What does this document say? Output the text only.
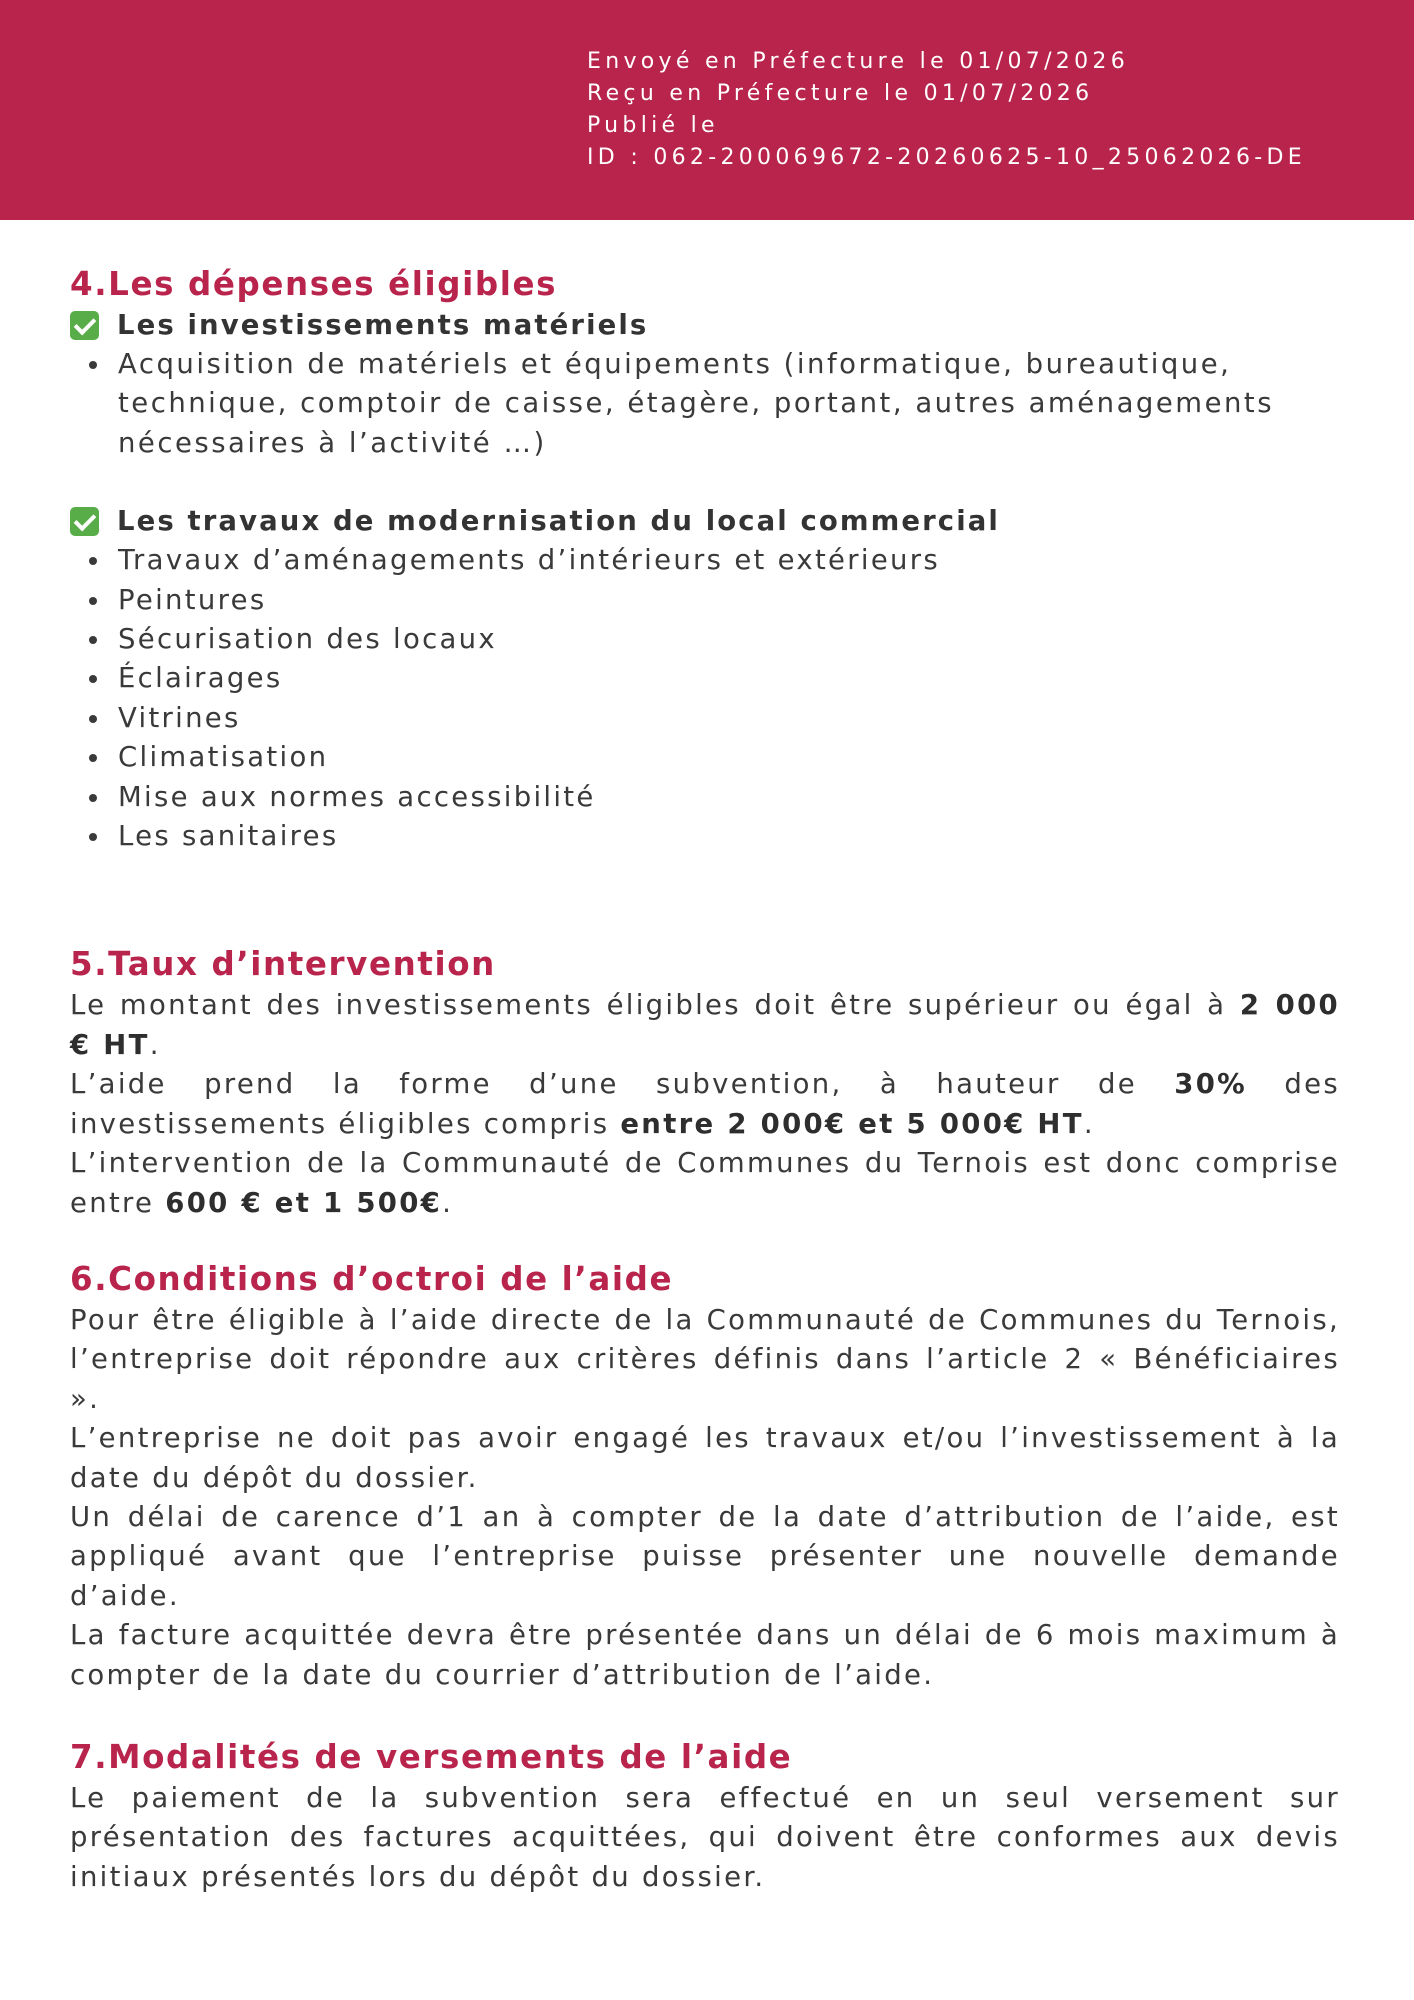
Envoyé en Préfecture le 01/07/2026
Reçu en Préfecture le 01/07/2026
Publié le
ID : 062-200069672-20260625-10_25062026-DE
4.Les dépenses éligibles
Les investissements matériels
Acquisition de matériels et équipements (informatique, bureautique, technique, comptoir de caisse, étagère, portant, autres aménagements nécessaires à l’activité …)
Les travaux de modernisation du local commercial
Travaux d’aménagements d’intérieurs et extérieurs
Peintures
Sécurisation des locaux
Éclairages
Vitrines
Climatisation
Mise aux normes accessibilité
Les sanitaires
5.Taux d’intervention

Le montant des investissements éligibles doit être supérieur ou égal à 2 000 € HT.

L’aide prend la forme d’une subvention, à hauteur de 30% des investissements éligibles compris entre 2 000€ et 5 000€ HT.

L’intervention de la Communauté de Communes du Ternois est donc comprise entre 600 € et 1 500€.

6.Conditions d’octroi de l’aide

Pour être éligible à l’aide directe de la Communauté de Communes du Ternois, l’entreprise doit répondre aux critères définis dans l’article 2 « Bénéficiaires ».

L’entreprise ne doit pas avoir engagé les travaux et/ou l’investissement à la date du dépôt du dossier.

Un délai de carence d’1 an à compter de la date d’attribution de l’aide, est appliqué avant que l’entreprise puisse présenter une nouvelle demande d’aide.

La facture acquittée devra être présentée dans un délai de 6 mois maximum à compter de la date du courrier d’attribution de l’aide.

7.Modalités de versements de l’aide

Le paiement de la subvention sera effectué en un seul versement sur présentation des factures acquittées, qui doivent être conformes aux devis initiaux présentés lors du dépôt du dossier.
